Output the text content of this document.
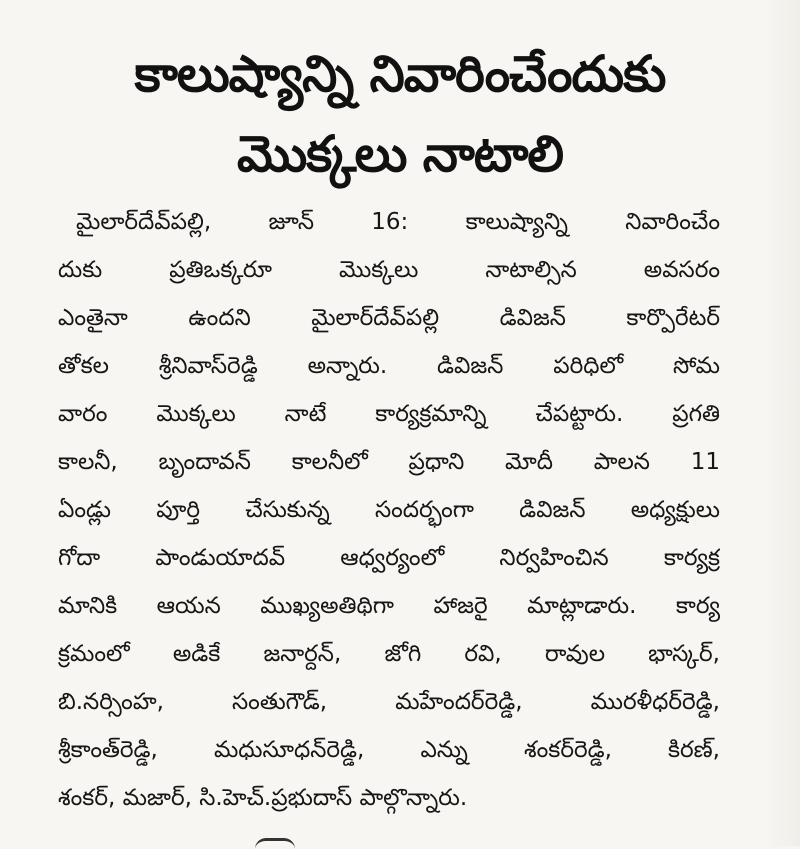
కాలుష్యాన్ని నివారించేందుకు
మొక్కలు నాటాలి
మైలార్‌దేవ్‌పల్లి, జూన్ 16: కాలుష్యాన్ని నివారించేం
దుకు ప్రతిఒక్కరూ మొక్కలు నాటాల్సిన అవసరం
ఎంతైనా ఉందని మైలార్‌దేవ్‌పల్లి డివిజన్ కార్పొరేటర్
తోకల శ్రీనివాస్‌రెడ్డి అన్నారు. డివిజన్ పరిధిలో సోమ
వారం మొక్కలు నాటే కార్యక్రమాన్ని చేపట్టారు. ప్రగతి
కాలనీ, బృందావన్ కాలనీలో ప్రధాని మోదీ పాలన 11
ఏండ్లు పూర్తి చేసుకున్న సందర్భంగా డివిజన్ అధ్యక్షులు
గోదా పాండుయాదవ్ ఆధ్వర్యంలో నిర్వహించిన కార్యక్ర
మానికి ఆయన ముఖ్యఅతిథిగా హాజరై మాట్లాడారు. కార్య
క్రమంలో అడికే జనార్దన్, జోగి రవి, రావుల భాస్కర్,
బి.నర్సింహ, సంతుగౌడ్, మహేందర్‌రెడ్డి, మురళీధర్‌రెడ్డి,
శ్రీకాంత్‌రెడ్డి, మధుసూధన్‌రెడ్డి, ఎన్ను శంకర్‌రెడ్డి, కిరణ్,
శంకర్, మజార్, సి.హెచ్.ప్రభుదాస్ పాల్గొన్నారు.
